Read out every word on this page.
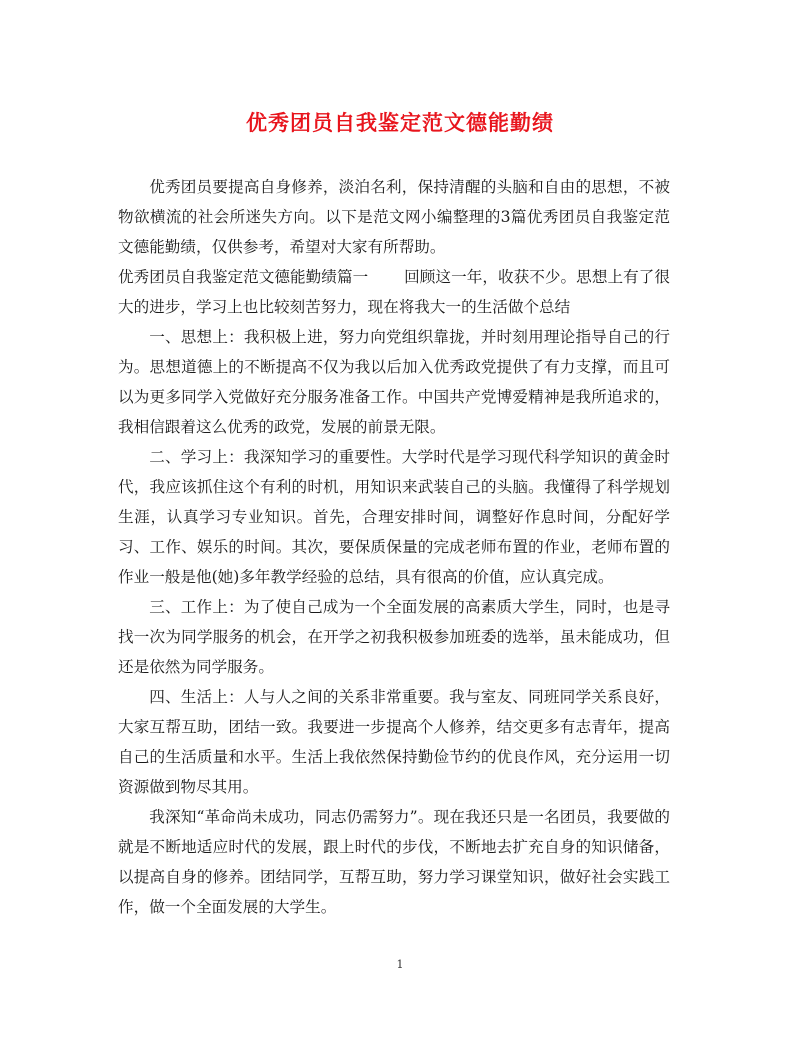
优秀团员自我鉴定范文德能勤绩

优秀团员要提高自身修养，淡泊名利，保持清醒的头脑和自由的思想，不被物欲横流的社会所迷失方向。以下是范文网小编整理的3篇优秀团员自我鉴定范文德能勤绩，仅供参考，希望对大家有所帮助。

优秀团员自我鉴定范文德能勤绩篇一 回顾这一年，收获不少。思想上有了很大的进步，学习上也比较刻苦努力，现在将我大一的生活做个总结

一、思想上：我积极上进，努力向党组织靠拢，并时刻用理论指导自己的行为。思想道德上的不断提高不仅为我以后加入优秀政党提供了有力支撑，而且可以为更多同学入党做好充分服务准备工作。中国共产党博爱精神是我所追求的，我相信跟着这么优秀的政党，发展的前景无限。

二、学习上：我深知学习的重要性。大学时代是学习现代科学知识的黄金时代，我应该抓住这个有利的时机，用知识来武装自己的头脑。我懂得了科学规划生涯，认真学习专业知识。首先，合理安排时间，调整好作息时间，分配好学习、工作、娱乐的时间。其次，要保质保量的完成老师布置的作业，老师布置的作业一般是他(她)多年教学经验的总结，具有很高的价值，应认真完成。

三、工作上：为了使自己成为一个全面发展的高素质大学生，同时，也是寻找一次为同学服务的机会，在开学之初我积极参加班委的选举，虽未能成功，但还是依然为同学服务。

四、生活上：人与人之间的关系非常重要。我与室友、同班同学关系良好，大家互帮互助，团结一致。我要进一步提高个人修养，结交更多有志青年，提高自己的生活质量和水平。生活上我依然保持勤俭节约的优良作风，充分运用一切资源做到物尽其用。

我深知“革命尚未成功，同志仍需努力”。现在我还只是一名团员，我要做的就是不断地适应时代的发展，跟上时代的步伐，不断地去扩充自身的知识储备，以提高自身的修养。团结同学，互帮互助，努力学习课堂知识，做好社会实践工作，做一个全面发展的大学生。

1
